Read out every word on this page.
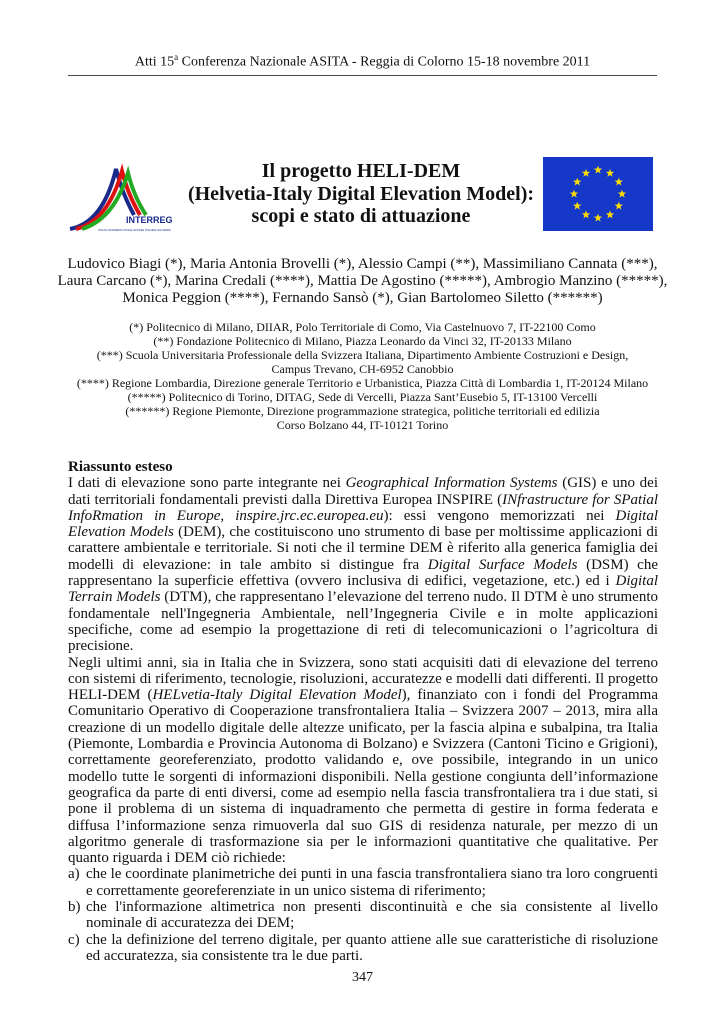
Atti 15$^a$ Conferenza Nazionale ASITA - Reggia di Colorno 15-18 novembre 2011
INTERREG
ITALIA-SVIZZERA ITALIE-SUISSE ITALIEN-SCHWEIZ
Il progetto HELI-DEM
(Helvetia-Italy Digital Elevation Model):
scopi e stato di attuazione
Ludovico Biagi (*), Maria Antonia Brovelli (*), Alessio Campi (**), Massimiliano Cannata (***),
Laura Carcano (*), Marina Credali (****), Mattia De Agostino (*****), Ambrogio Manzino (*****),
Monica Peggion (****), Fernando Sansò (*), Gian Bartolomeo Siletto (******)
(*) Politecnico di Milano, DIIAR, Polo Territoriale di Como, Via Castelnuovo 7, IT-22100 Como
(**) Fondazione Politecnico di Milano, Piazza Leonardo da Vinci 32, IT-20133 Milano
(***) Scuola Universitaria Professionale della Svizzera Italiana, Dipartimento Ambiente Costruzioni e Design,
Campus Trevano, CH-6952 Canobbio
(****) Regione Lombardia, Direzione generale Territorio e Urbanistica, Piazza Città di Lombardia 1, IT-20124 Milano
(*****) Politecnico di Torino, DITAG, Sede di Vercelli, Piazza Sant’Eusebio 5, IT-13100 Vercelli
(******) Regione Piemonte, Direzione programmazione strategica, politiche territoriali ed edilizia
Corso Bolzano 44, IT-10121 Torino
Riassunto esteso

I dati di elevazione sono parte integrante nei Geographical Information Systems (GIS) e uno dei dati territoriali fondamentali previsti dalla Direttiva Europea INSPIRE (INfrastructure for SPatial InfoRmation in Europe, inspire.jrc.ec.europea.eu): essi vengono memorizzati nei Digital Elevation Models (DEM), che costituiscono uno strumento di base per moltissime applicazioni di carattere ambientale e territoriale. Si noti che il termine DEM è riferito alla generica famiglia dei modelli di elevazione: in tale ambito si distingue fra Digital Surface Models (DSM) che rappresentano la superficie effettiva (ovvero inclusiva di edifici, vegetazione, etc.) ed i Digital Terrain Models (DTM), che rappresentano l’elevazione del terreno nudo. Il DTM è uno strumento fondamentale nell'Ingegneria Ambientale, nell’Ingegneria Civile e in molte applicazioni specifiche, come ad esempio la progettazione di reti di telecomunicazioni o l’agricoltura di precisione.

Negli ultimi anni, sia in Italia che in Svizzera, sono stati acquisiti dati di elevazione del terreno con sistemi di riferimento, tecnologie, risoluzioni, accuratezze e modelli dati differenti. Il progetto HELI-DEM (HELvetia-Italy Digital Elevation Model), finanziato con i fondi del Programma Comunitario Operativo di Cooperazione transfrontaliera Italia – Svizzera 2007 – 2013, mira alla creazione di un modello digitale delle altezze unificato, per la fascia alpina e subalpina, tra Italia (Piemonte, Lombardia e Provincia Autonoma di Bolzano) e Svizzera (Cantoni Ticino e Grigioni), correttamente georeferenziato, prodotto validando e, ove possibile, integrando in un unico modello tutte le sorgenti di informazioni disponibili. Nella gestione congiunta dell’informazione geografica da parte di enti diversi, come ad esempio nella fascia transfrontaliera tra i due stati, si pone il problema di un sistema di inquadramento che permetta di gestire in forma federata e diffusa l’informazione senza rimuoverla dal suo GIS di residenza naturale, per mezzo di un algoritmo generale di trasformazione sia per le informazioni quantitative che qualitative. Per quanto riguarda i DEM ciò richiede:

a) che le coordinate planimetriche dei punti in una fascia transfrontaliera siano tra loro congruenti e correttamente georeferenziate in un unico sistema di riferimento;
b) che l'informazione altimetrica non presenti discontinuità e che sia consistente al livello nominale di accuratezza dei DEM;
c) che la definizione del terreno digitale, per quanto attiene alle sue caratteristiche di risoluzione ed accuratezza, sia consistente tra le due parti.
347
